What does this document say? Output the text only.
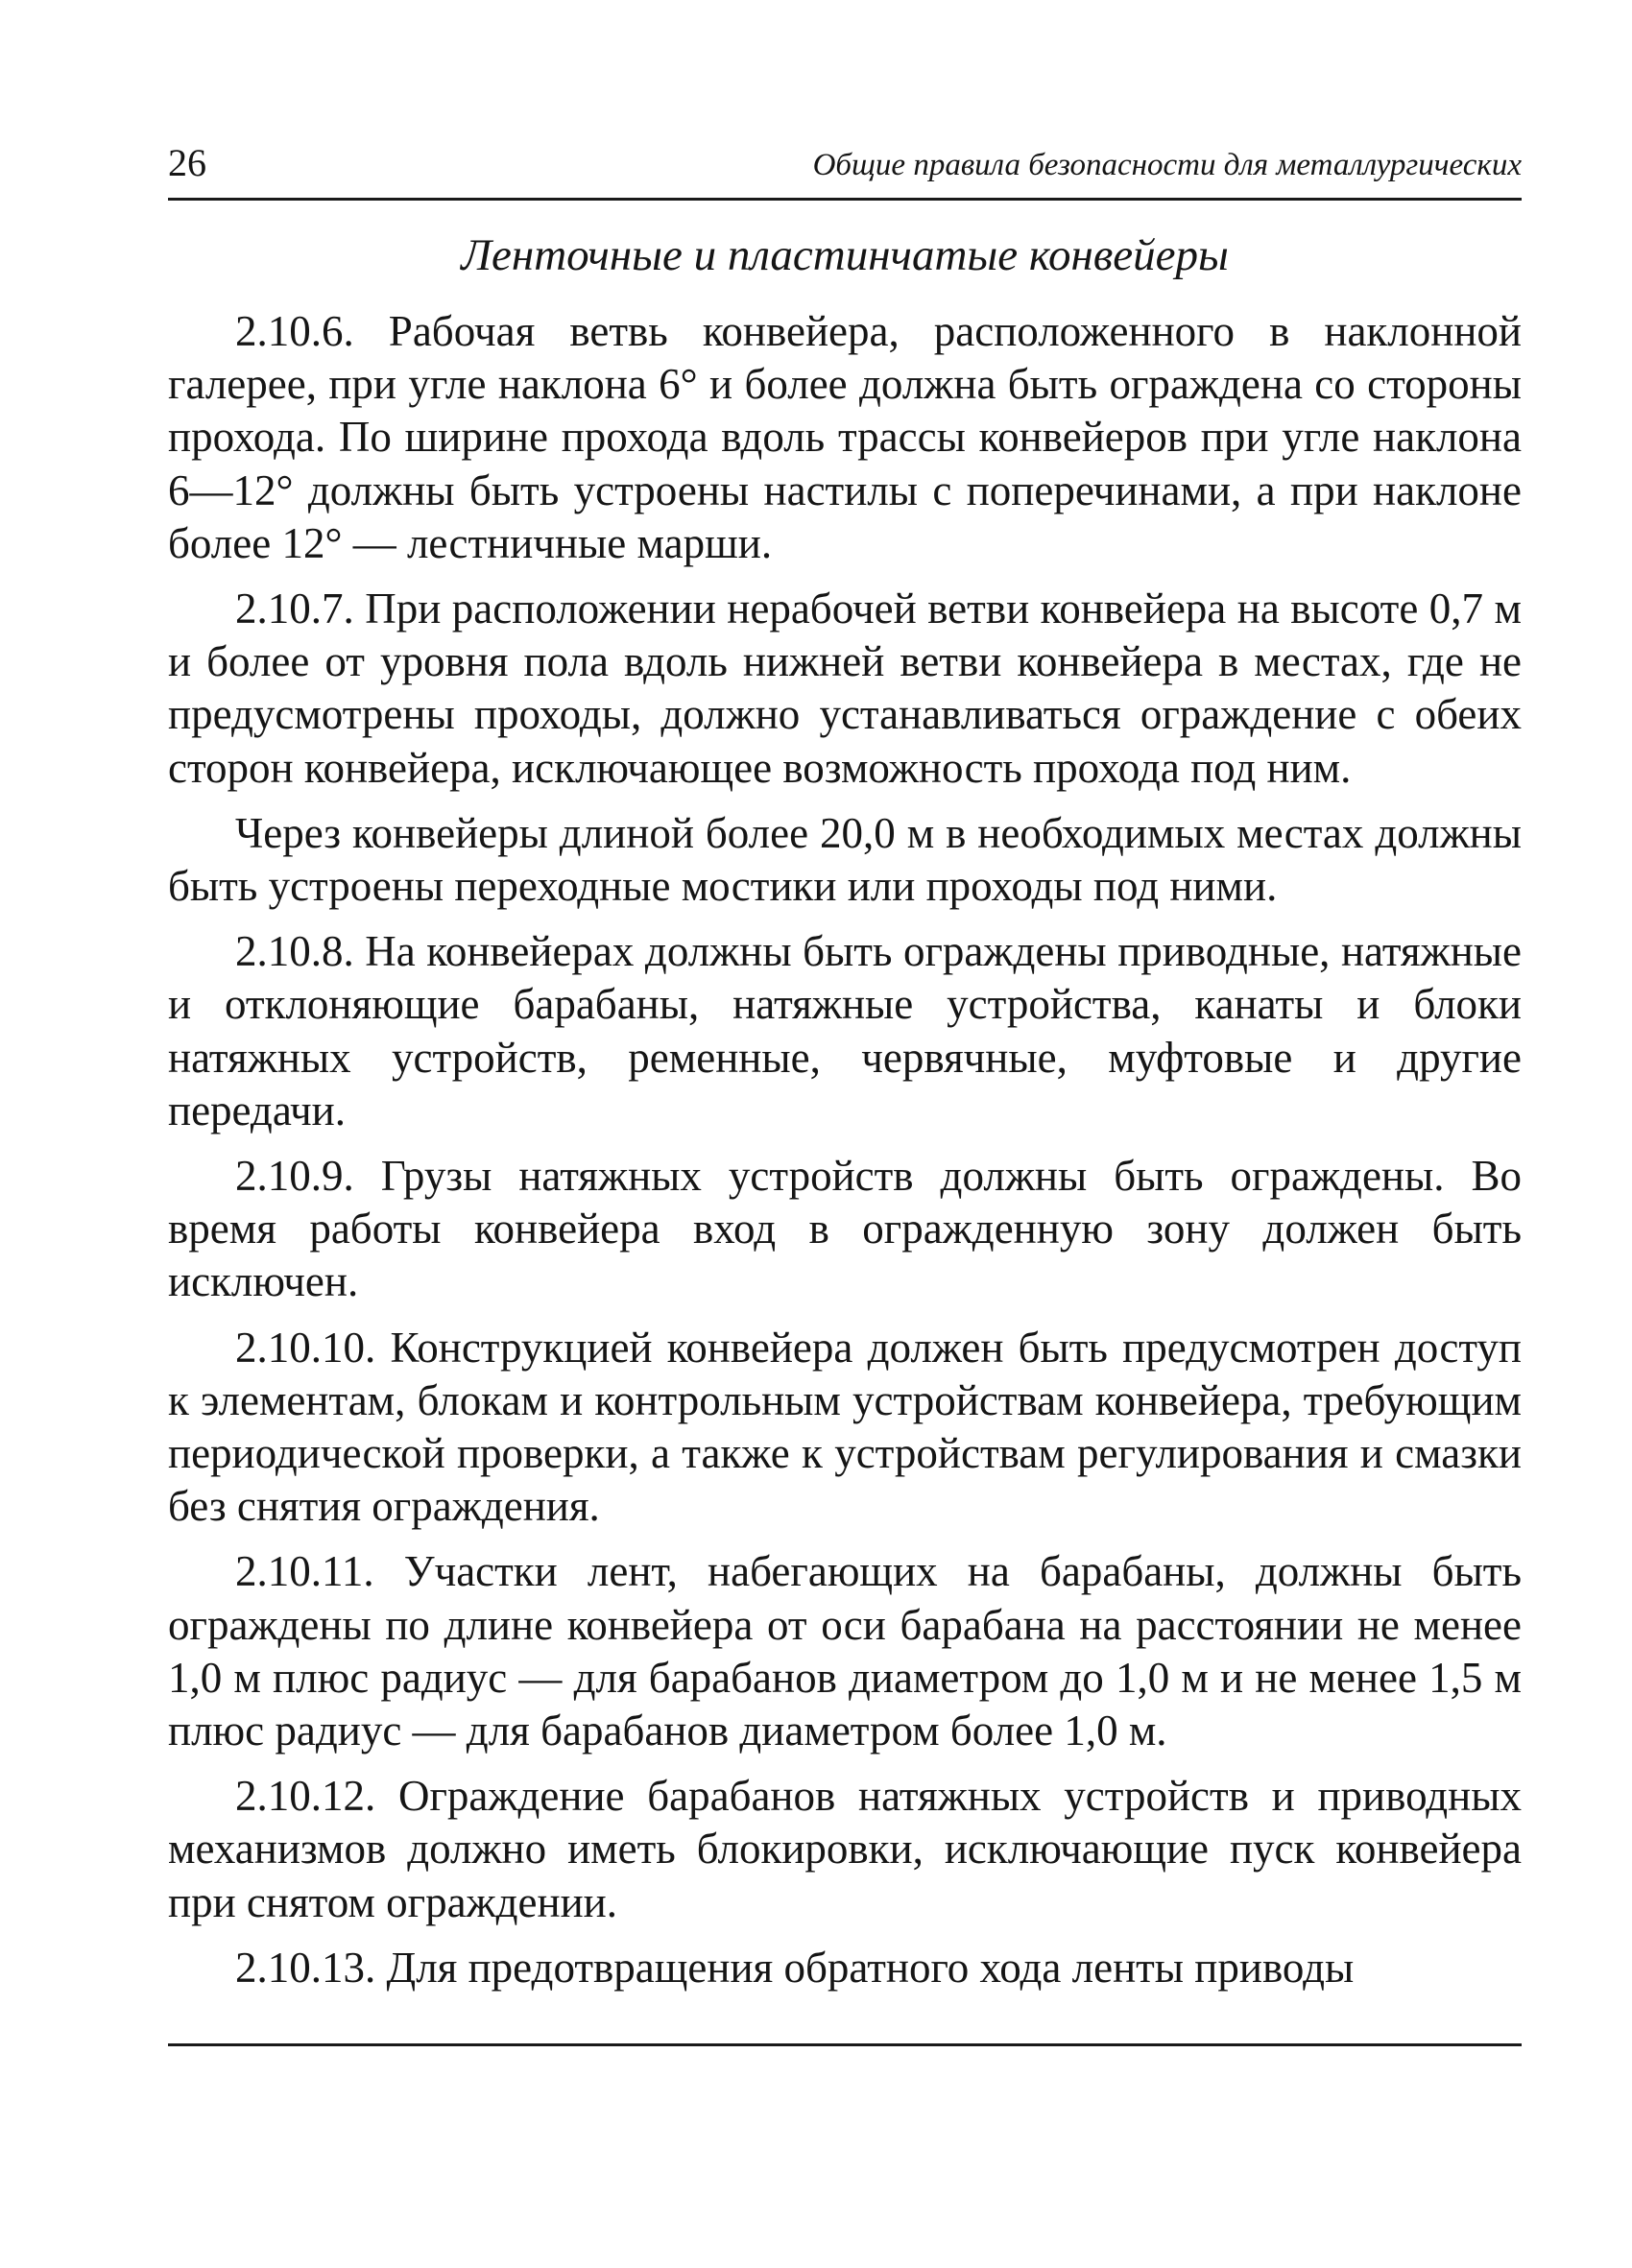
26	Общие правила безопасности для металлургических
Ленточные и пластинчатые конвейеры

2.10.6. Рабочая ветвь конвейера, расположенного в наклонной галерее, при угле наклона 6° и более должна быть ограждена со стороны прохода. По ширине прохода вдоль трассы конвейеров при угле наклона 6—12° должны быть устроены настилы с поперечинами, а при наклоне более 12° — лестничные марши.

2.10.7. При расположении нерабочей ветви конвейера на высоте 0,7 м и более от уровня пола вдоль нижней ветви конвейера в местах, где не предусмотрены проходы, должно устанавливаться ограждение с обеих сторон конвейера, исключающее возможность прохода под ним.

Через конвейеры длиной более 20,0 м в необходимых местах должны быть устроены переходные мостики или проходы под ними.

2.10.8. На конвейерах должны быть ограждены приводные, натяжные и отклоняющие барабаны, натяжные устройства, канаты и блоки натяжных устройств, ременные, червячные, муфтовые и другие передачи.

2.10.9. Грузы натяжных устройств должны быть ограждены. Во время работы конвейера вход в огражденную зону должен быть исключен.

2.10.10. Конструкцией конвейера должен быть предусмотрен доступ к элементам, блокам и контрольным устройствам конвейера, требующим периодической проверки, а также к устройствам регулирования и смазки без снятия ограждения.

2.10.11. Участки лент, набегающих на барабаны, должны быть ограждены по длине конвейера от оси барабана на расстоянии не менее 1,0 м плюс радиус — для барабанов диаметром до 1,0 м и не менее 1,5 м плюс радиус — для барабанов диаметром более 1,0 м.

2.10.12. Ограждение барабанов натяжных устройств и приводных механизмов должно иметь блокировки, исключающие пуск конвейера при снятом ограждении.

2.10.13. Для предотвращения обратного хода ленты приводы
